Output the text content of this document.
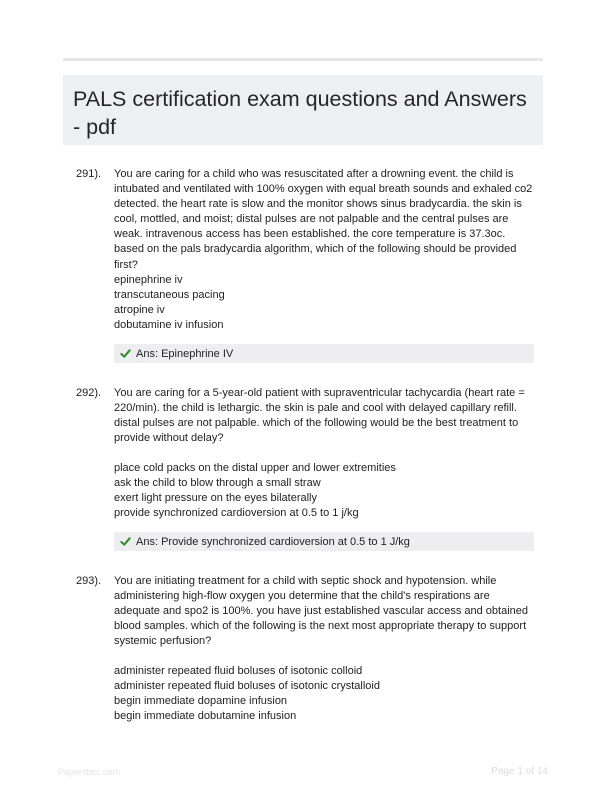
PALS certification exam questions and Answers - pdf
291). You are caring for a child who was resuscitated after a drowning event. the child is intubated and ventilated with 100% oxygen with equal breath sounds and exhaled co2 detected. the heart rate is slow and the monitor shows sinus bradycardia. the skin is cool, mottled, and moist; distal pulses are not palpable and the central pulses are weak. intravenous access has been established. the core temperature is 37.3oc. based on the pals bradycardia algorithm, which of the following should be provided first?

epinephrine iv
transcutaneous pacing
atropine iv
dobutamine iv infusion
Ans: Epinephrine IV
292). You are caring for a 5-year-old patient with supraventricular tachycardia (heart rate = 220/min). the child is lethargic. the skin is pale and cool with delayed capillary refill. distal pulses are not palpable. which of the following would be the best treatment to provide without delay?

place cold packs on the distal upper and lower extremities
ask the child to blow through a small straw
exert light pressure on the eyes bilaterally
provide synchronized cardioversion at 0.5 to 1 j/kg
Ans: Provide synchronized cardioversion at 0.5 to 1 J/kg
293). You are initiating treatment for a child with septic shock and hypotension. while administering high-flow oxygen you determine that the child's respirations are adequate and spo2 is 100%. you have just established vascular access and obtained blood samples. which of the following is the next most appropriate therapy to support systemic perfusion?

administer repeated fluid boluses of isotonic colloid
administer repeated fluid boluses of isotonic crystalloid
begin immediate dopamine infusion
begin immediate dobutamine infusion
Paperitbtic.com	Page 1 of 14
